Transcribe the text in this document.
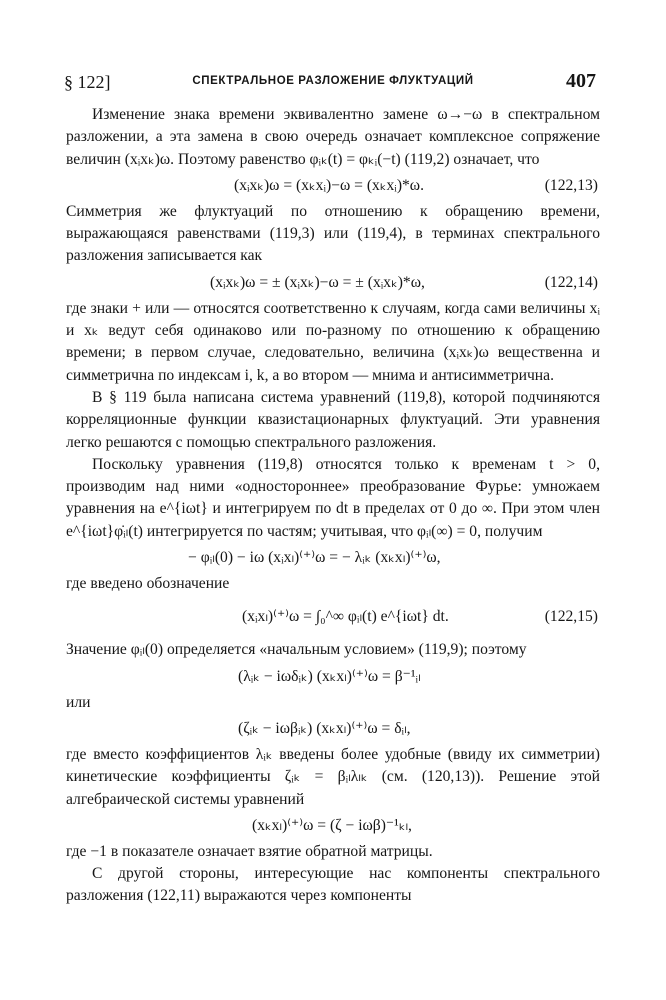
§ 122]	СПЕКТРАЛЬНОЕ РАЗЛОЖЕНИЕ ФЛУКТУАЦИЙ	407

Изменение знака времени эквивалентно замене ω→−ω в спектральном разложении, а эта замена в свою очередь означает комплексное сопряжение величин (xᵢxₖ)ω. Поэтому равенство φᵢₖ(t) = φₖᵢ(−t) (119,2) означает, что

(xᵢxₖ)ω = (xₖxᵢ)−ω = (xₖxᵢ)*ω.	(122,13)

Симметрия же флуктуаций по отношению к обращению времени, выражающаяся равенствами (119,3) или (119,4), в терминах спектрального разложения записывается как

(xᵢxₖ)ω = ± (xᵢxₖ)−ω = ± (xᵢxₖ)*ω,	(122,14)

где знаки + или — относятся соответственно к случаям, когда сами величины xᵢ и xₖ ведут себя одинаково или по-разному по отношению к обращению времени; в первом случае, следовательно, величина (xᵢxₖ)ω вещественна и симметрична по индексам i, k, а во втором — мнима и антисимметрична.

В § 119 была написана система уравнений (119,8), которой подчиняются корреляционные функции квазистационарных флуктуаций. Эти уравнения легко решаются с помощью спектрального разложения.

Поскольку уравнения (119,8) относятся только к временам t > 0, производим над ними «одностороннее» преобразование Фурье: умножаем уравнения на e^{iωt} и интегрируем по dt в пределах от 0 до ∞. При этом член e^{iωt}φ̇ᵢₗ(t) интегрируется по частям; учитывая, что φᵢₗ(∞) = 0, получим

− φᵢₗ(0) − iω (xᵢxₗ)⁽⁺⁾ω = − λᵢₖ (xₖxₗ)⁽⁺⁾ω,

где введено обозначение

(xᵢxₗ)⁽⁺⁾ω = ∫₀^∞ φᵢₗ(t) e^{iωt} dt.	(122,15)

Значение φᵢₗ(0) определяется «начальным условием» (119,9); поэтому

(λᵢₖ − iωδᵢₖ) (xₖxₗ)⁽⁺⁾ω = β⁻¹ᵢₗ

или

(ζᵢₖ − iωβᵢₖ) (xₖxₗ)⁽⁺⁾ω = δᵢₗ,

где вместо коэффициентов λᵢₖ введены более удобные (ввиду их симметрии) кинетические коэффициенты ζᵢₖ = βᵢₗλₗₖ (см. (120,13)). Решение этой алгебраической системы уравнений

(xₖxₗ)⁽⁺⁾ω = (ζ − iωβ)⁻¹ₖₗ,

где −1 в показателе означает взятие обратной матрицы.

С другой стороны, интересующие нас компоненты спектрального разложения (122,11) выражаются через компоненты
